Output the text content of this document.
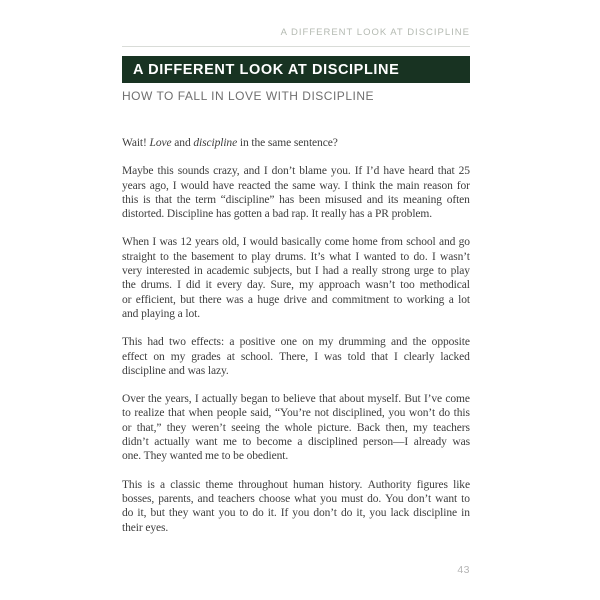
A DIFFERENT LOOK AT DISCIPLINE
A DIFFERENT LOOK AT DISCIPLINE
HOW TO FALL IN LOVE WITH DISCIPLINE
Wait! Love and discipline in the same sentence?
Maybe this sounds crazy, and I don’t blame you. If I’d have heard that 25
years ago, I would have reacted the same way. I think the main reason for
this is that the term “discipline” has been misused and its meaning often
distorted. Discipline has gotten a bad rap. It really has a PR problem.
When I was 12 years old, I would basically come home from school and go
straight to the basement to play drums. It’s what I wanted to do. I wasn’t
very interested in academic subjects, but I had a really strong urge to play
the drums. I did it every day. Sure, my approach wasn’t too methodical
or efficient, but there was a huge drive and commitment to working a lot
and playing a lot.
This had two effects: a positive one on my drumming and the opposite
effect on my grades at school. There, I was told that I clearly lacked
discipline and was lazy.
Over the years, I actually began to believe that about myself. But I’ve come
to realize that when people said, “You’re not disciplined, you won’t do this
or that,” they weren’t seeing the whole picture. Back then, my teachers
didn’t actually want me to become a disciplined person—I already was
one. They wanted me to be obedient.
This is a classic theme throughout human history. Authority figures like
bosses, parents, and teachers choose what you must do. You don’t want to
do it, but they want you to do it. If you don’t do it, you lack discipline in
their eyes.
43
